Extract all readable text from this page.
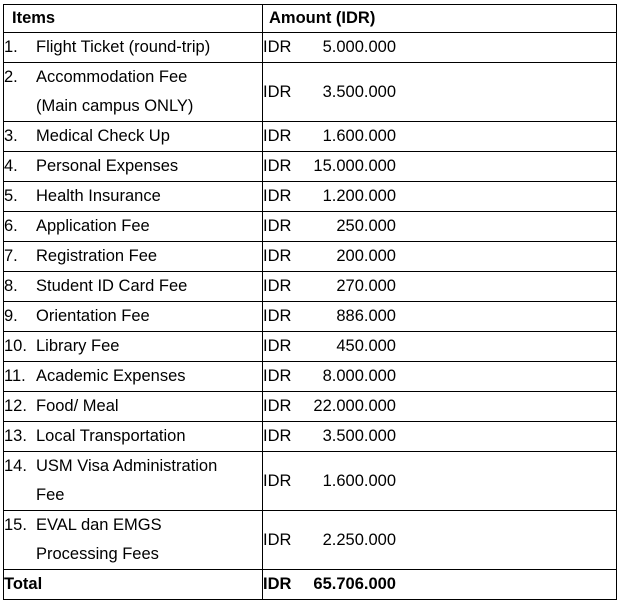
Items	Amount (IDR)

1. Flight Ticket (round-trip)	IDR 5.000.000

2. Accommodation Fee
(Main campus ONLY)	IDR 3.500.000

3. Medical Check Up	IDR 1.600.000

4. Personal Expenses	IDR 15.000.000

5. Health Insurance	IDR 1.200.000

6. Application Fee	IDR 250.000

7. Registration Fee	IDR 200.000

8. Student ID Card Fee	IDR 270.000

9. Orientation Fee	IDR 886.000

10. Library Fee	IDR 450.000

11. Academic Expenses	IDR 8.000.000

12. Food/ Meal	IDR 22.000.000

13. Local Transportation	IDR 3.500.000

14. USM Visa Administration
Fee	IDR 1.600.000

15. EVAL dan EMGS
Processing Fees	IDR 2.250.000

Total	IDR 65.706.000
